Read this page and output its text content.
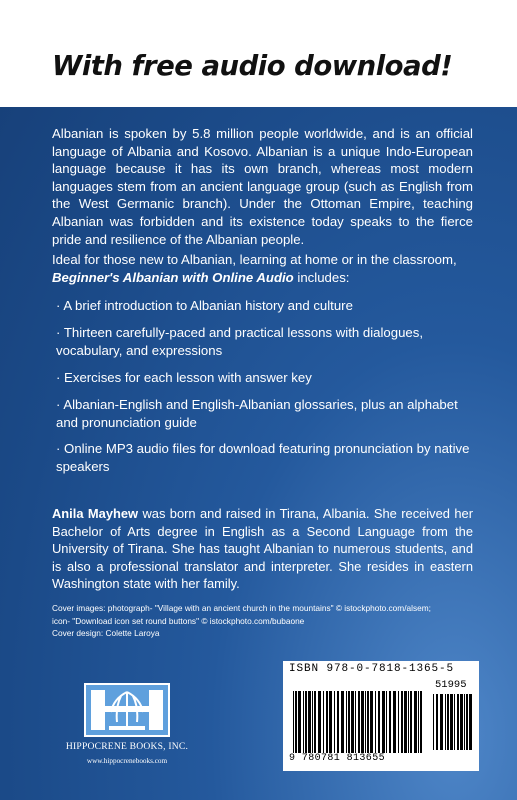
With free audio download!
Albanian is spoken by 5.8 million people worldwide, and is an official language of Albania and Kosovo. Albanian is a unique Indo-European language because it has its own branch, whereas most modern languages stem from an ancient language group (such as English from the West Germanic branch). Under the Ottoman Empire, teaching Albanian was forbidden and its existence today speaks to the fierce pride and resilience of the Albanian people.
Ideal for those new to Albanian, learning at home or in the classroom, Beginner's Albanian with Online Audio includes:
· A brief introduction to Albanian history and culture
· Thirteen carefully-paced and practical lessons with dialogues, vocabulary, and expressions
· Exercises for each lesson with answer key
· Albanian-English and English-Albanian glossaries, plus an alphabet and pronunciation guide
· Online MP3 audio files for download featuring pronunciation by native speakers
Anila Mayhew was born and raised in Tirana, Albania. She received her Bachelor of Arts degree in English as a Second Language from the University of Tirana. She has taught Albanian to numerous students, and is also a professional translator and interpreter. She resides in eastern Washington state with her family.
Cover images: photograph- "Village with an ancient church in the mountains" © istockphoto.com/alsem;
icon- "Download icon set round buttons" © istockphoto.com/bubaone
Cover design: Colette Laroya
HIPPOCRENE BOOKS, INC.
www.hippocrenebooks.com
ISBN 978-0-7818-1365-5
51995
9 780781 813655
